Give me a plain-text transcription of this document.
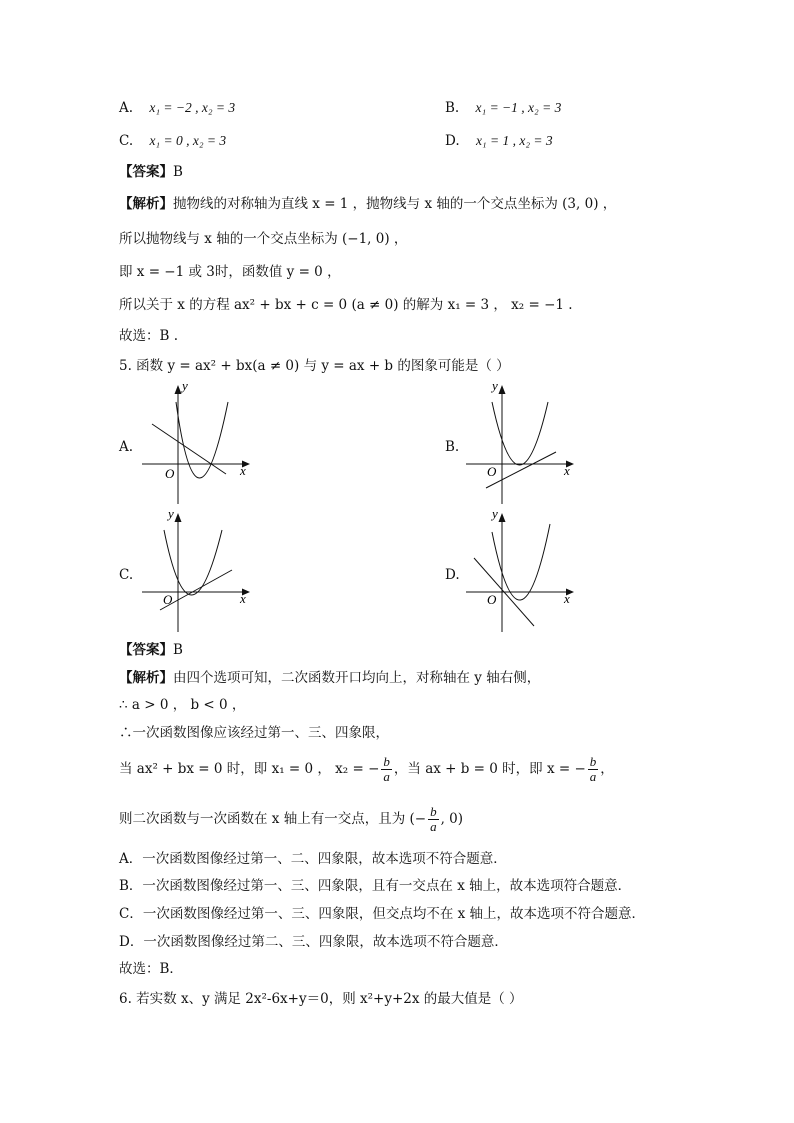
A. x₁ = −2 , x₂ = 3	B. x₁ = −1 , x₂ = 3
C. x₁ = 0 , x₂ = 3	D. x₁ = 1 , x₂ = 3
【答案】B
【解析】抛物线的对称轴为直线 x = 1 ，抛物线与 x 轴的一个交点坐标为 (3, 0) ，
所以抛物线与 x 轴的一个交点坐标为 (−1, 0) ，
即 x = −1 或 3时，函数值 y = 0 ，
所以关于 x 的方程 ax² + bx + c = 0 (a ≠ 0) 的解为 x₁ = 3 ， x₂ = −1 .
故选：B .
5. 函数 y = ax² + bx(a ≠ 0) 与 y = ax + b 的图象可能是（ ）
A.	B.
C.	D.
y
x
O
y
x
O
y
x
O
y
x
O
【答案】B
【解析】由四个选项可知，二次函数开口均向上，对称轴在 y 轴右侧，
∴ a > 0 ， b < 0 ，
∴一次函数图像应该经过第一、三、四象限，
当 ax² + bx = 0 时，即 x₁ = 0 ， x₂ = − $\frac{b}{a}$ ，当 ax + b = 0 时，即 x = − $\frac{b}{a}$ ，
则二次函数与一次函数在 x 轴上有一交点，且为 (− $\frac{b}{a}$ , 0)
A．一次函数图像经过第一、二、四象限，故本选项不符合题意．
B．一次函数图像经过第一、三、四象限，且有一交点在 x 轴上，故本选项符合题意．
C．一次函数图像经过第一、三、四象限，但交点均不在 x 轴上，故本选项不符合题意．
D．一次函数图像经过第二、三、四象限，故本选项不符合题意．
故选：B．
6. 若实数 x、y 满足 2x²-6x+y＝0，则 x²+y+2x 的最大值是（ ）
